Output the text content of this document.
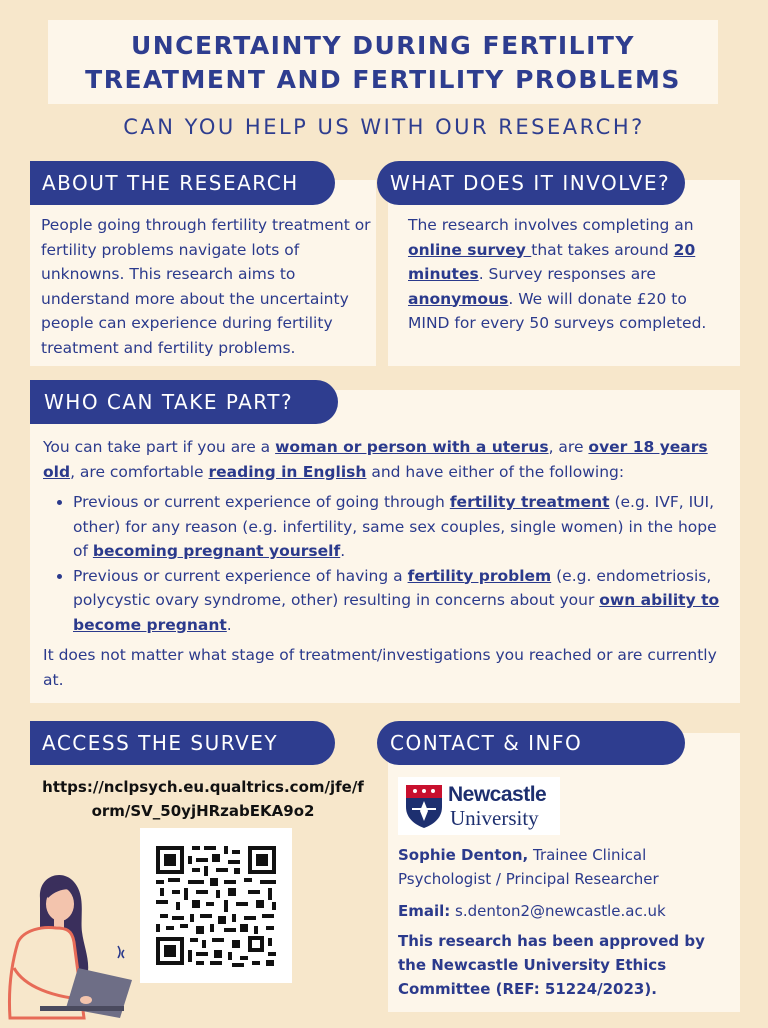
UNCERTAINTY DURING FERTILITY
TREATMENT AND FERTILITY PROBLEMS
CAN YOU HELP US WITH OUR RESEARCH?
People going through fertility treatment or fertility problems navigate lots of unknowns. This research aims to understand more about the uncertainty people can experience during fertility treatment and fertility problems.
ABOUT THE RESEARCH
The research involves completing an online survey that takes around 20 minutes. Survey responses are anonymous. We will donate £20 to MIND for every 50 surveys completed.
WHAT DOES IT INVOLVE?
You can take part if you are a woman or person with a uterus, are over 18 years old, are comfortable reading in English and have either of the following:
• Previous or current experience of going through fertility treatment (e.g. IVF, IUI, other) for any reason (e.g. infertility, same sex couples, single women) in the hope of becoming pregnant yourself.
• Previous or current experience of having a fertility problem (e.g. endometriosis, polycystic ovary syndrome, other) resulting in concerns about your own ability to become pregnant.
It does not matter what stage of treatment/investigations you reached or are currently at.
WHO CAN TAKE PART?
ACCESS THE SURVEY
https://nclpsych.eu.qualtrics.com/jfe/f
orm/SV_50yjHRzabEKA9o2
Newcastle
University
Sophie Denton, Trainee Clinical Psychologist / Principal Researcher
Email: s.denton2@newcastle.ac.uk
This research has been approved by the Newcastle University Ethics Committee (REF: 51224/2023).
CONTACT & INFO
